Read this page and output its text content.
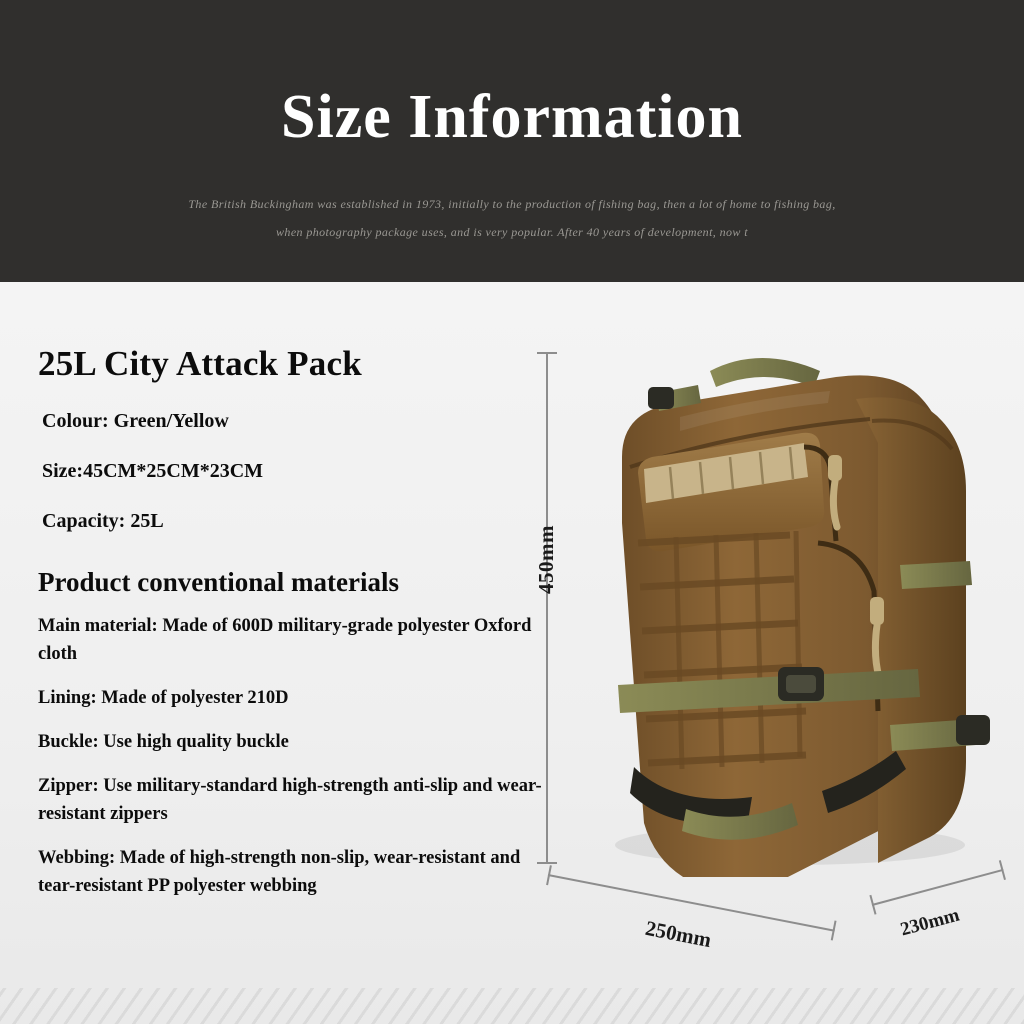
Size Information
The British Buckingham was established in 1973, initially to the production of fishing bag, then a lot of home to fishing bag,
when photography package uses, and is very popular. After 40 years of development, now t
25L City Attack Pack
Colour: Green/Yellow
Size:45CM*25CM*23CM
Capacity: 25L
Product conventional materials
Main material: Made of 600D military-grade polyester Oxford cloth
Lining: Made of polyester 210D
Buckle: Use high quality buckle
Zipper: Use military-standard high-strength anti-slip and wear-resistant zippers
Webbing: Made of high-strength non-slip, wear-resistant and tear-resistant PP polyester webbing
450mm
250mm	230mm
